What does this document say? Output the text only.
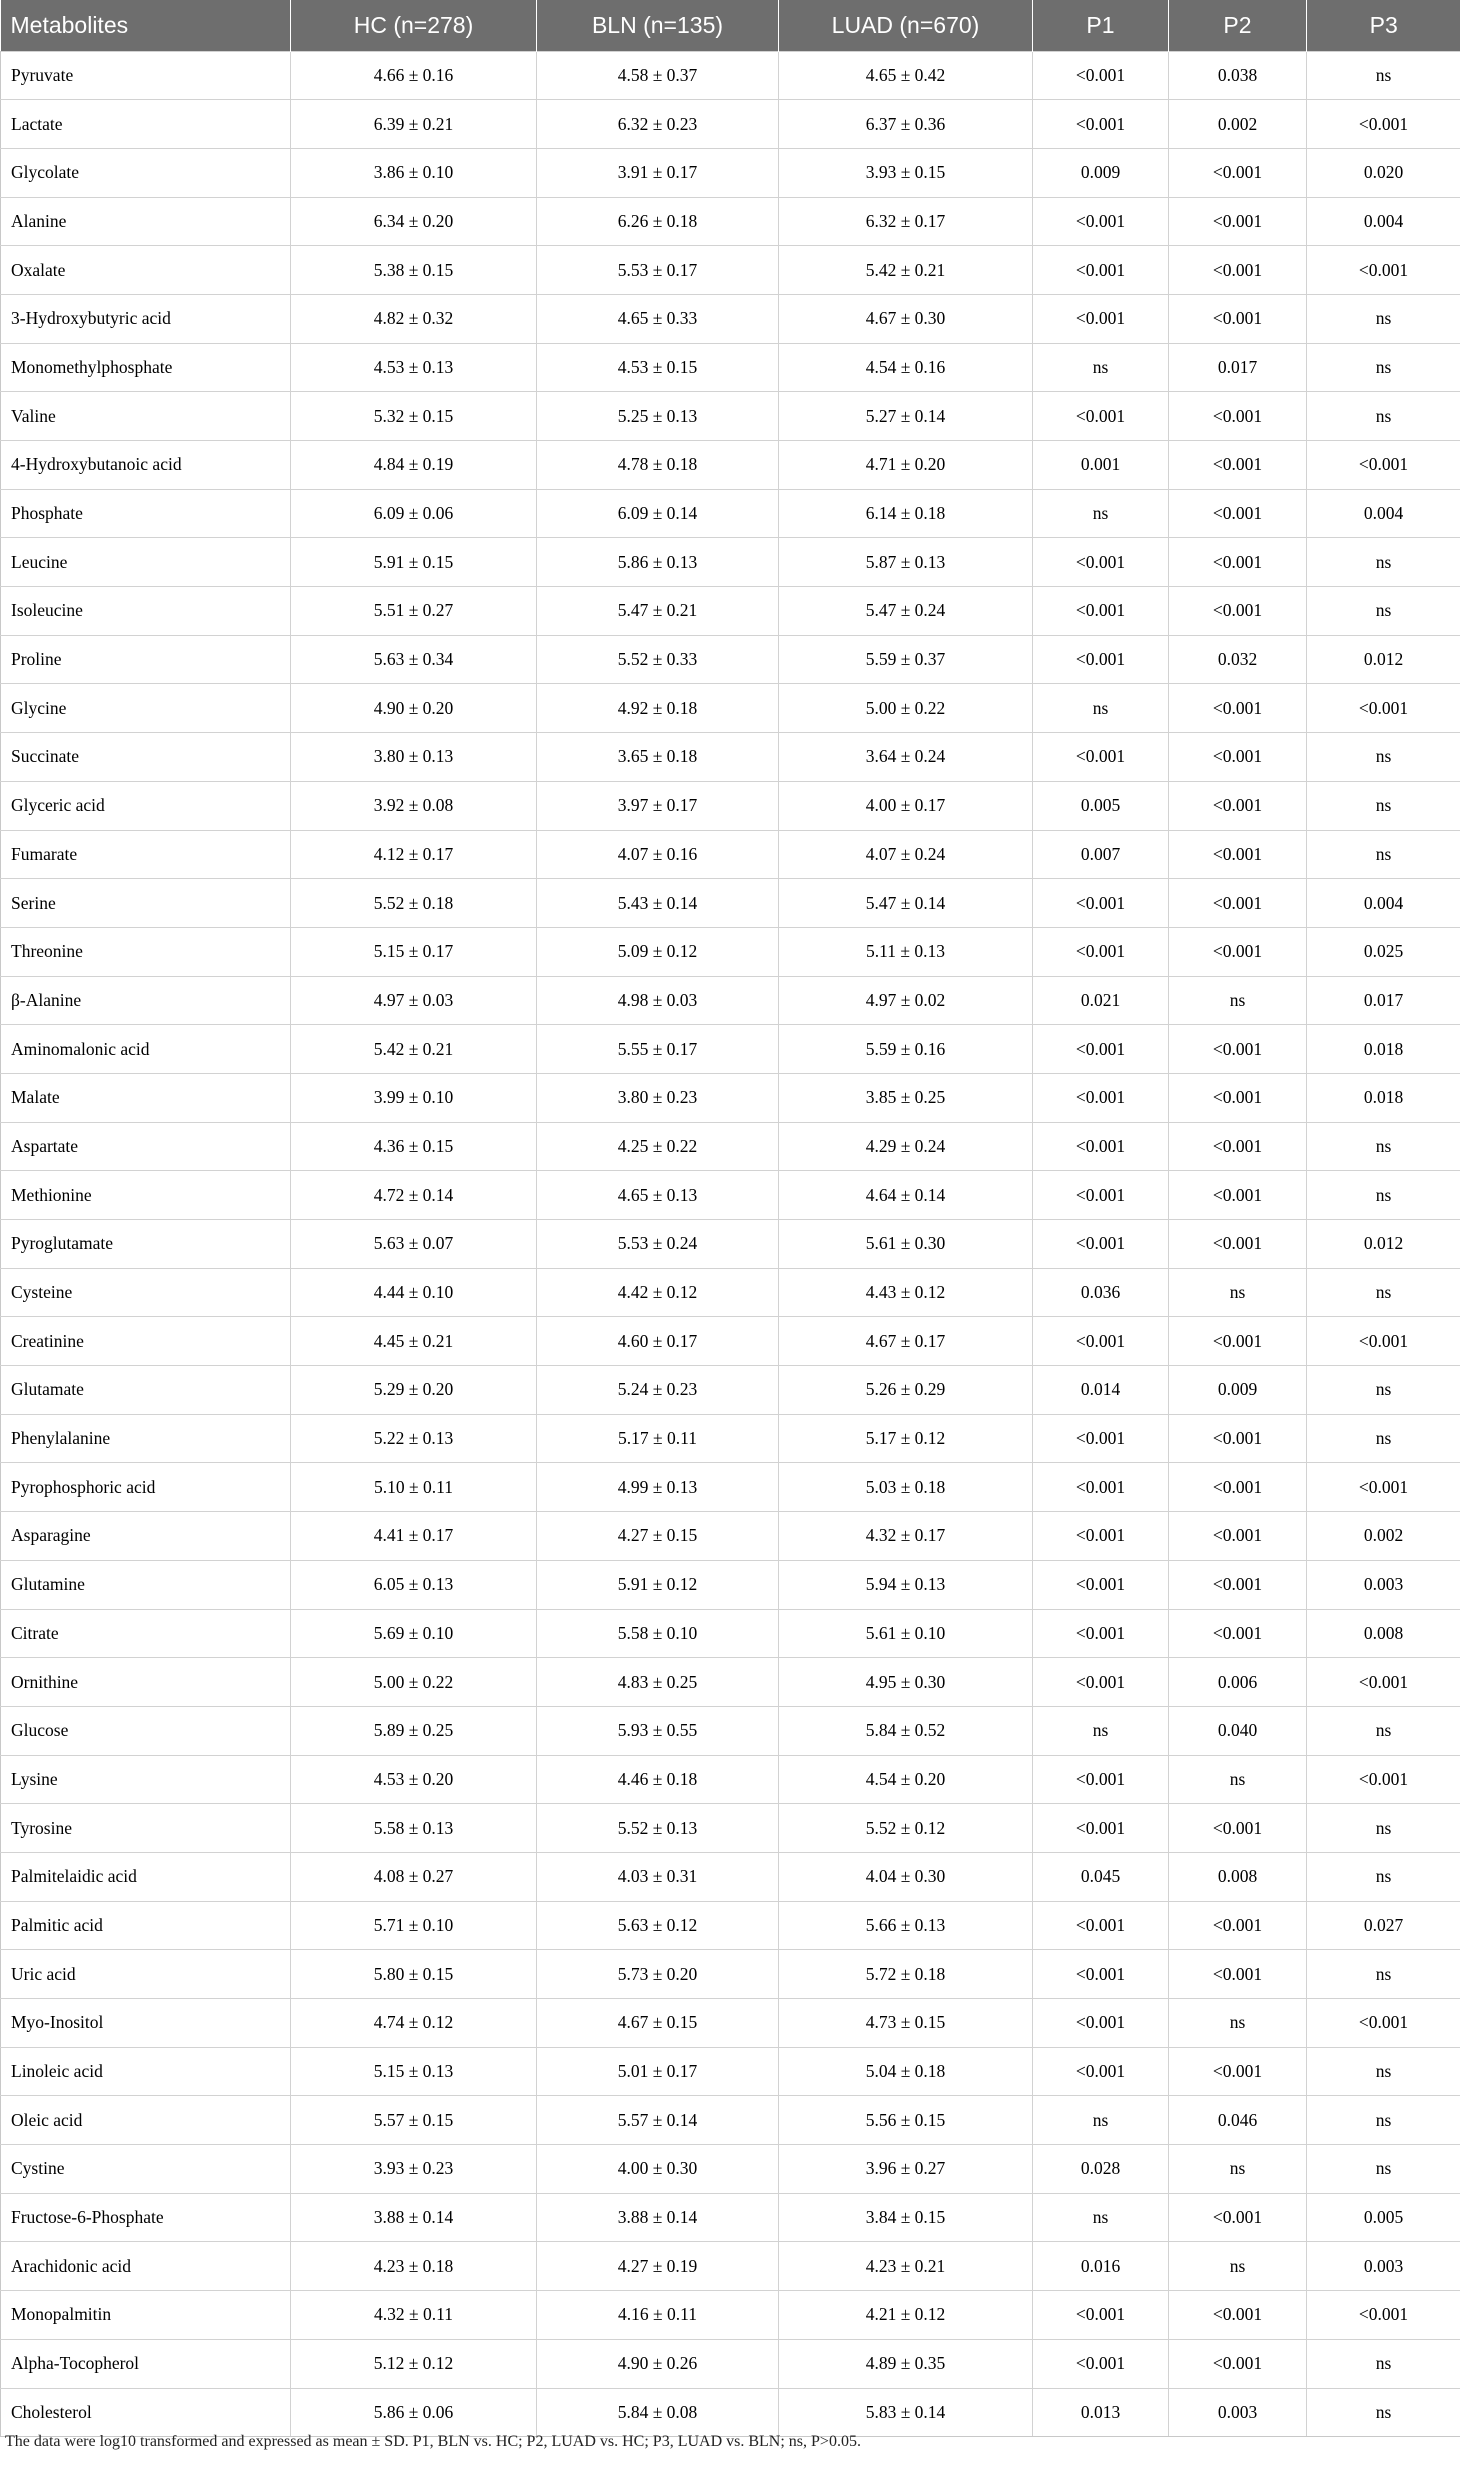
Metabolites	HC (n=278)	BLN (n=135)	LUAD (n=670)	P1	P2	P3
Pyruvate	4.66 ± 0.16	4.58 ± 0.37	4.65 ± 0.42	<0.001	0.038	ns
Lactate	6.39 ± 0.21	6.32 ± 0.23	6.37 ± 0.36	<0.001	0.002	<0.001
Glycolate	3.86 ± 0.10	3.91 ± 0.17	3.93 ± 0.15	0.009	<0.001	0.020
Alanine	6.34 ± 0.20	6.26 ± 0.18	6.32 ± 0.17	<0.001	<0.001	0.004
Oxalate	5.38 ± 0.15	5.53 ± 0.17	5.42 ± 0.21	<0.001	<0.001	<0.001
3-Hydroxybutyric acid	4.82 ± 0.32	4.65 ± 0.33	4.67 ± 0.30	<0.001	<0.001	ns
Monomethylphosphate	4.53 ± 0.13	4.53 ± 0.15	4.54 ± 0.16	ns	0.017	ns
Valine	5.32 ± 0.15	5.25 ± 0.13	5.27 ± 0.14	<0.001	<0.001	ns
4-Hydroxybutanoic acid	4.84 ± 0.19	4.78 ± 0.18	4.71 ± 0.20	0.001	<0.001	<0.001
Phosphate	6.09 ± 0.06	6.09 ± 0.14	6.14 ± 0.18	ns	<0.001	0.004
Leucine	5.91 ± 0.15	5.86 ± 0.13	5.87 ± 0.13	<0.001	<0.001	ns
Isoleucine	5.51 ± 0.27	5.47 ± 0.21	5.47 ± 0.24	<0.001	<0.001	ns
Proline	5.63 ± 0.34	5.52 ± 0.33	5.59 ± 0.37	<0.001	0.032	0.012
Glycine	4.90 ± 0.20	4.92 ± 0.18	5.00 ± 0.22	ns	<0.001	<0.001
Succinate	3.80 ± 0.13	3.65 ± 0.18	3.64 ± 0.24	<0.001	<0.001	ns
Glyceric acid	3.92 ± 0.08	3.97 ± 0.17	4.00 ± 0.17	0.005	<0.001	ns
Fumarate	4.12 ± 0.17	4.07 ± 0.16	4.07 ± 0.24	0.007	<0.001	ns
Serine	5.52 ± 0.18	5.43 ± 0.14	5.47 ± 0.14	<0.001	<0.001	0.004
Threonine	5.15 ± 0.17	5.09 ± 0.12	5.11 ± 0.13	<0.001	<0.001	0.025
β-Alanine	4.97 ± 0.03	4.98 ± 0.03	4.97 ± 0.02	0.021	ns	0.017
Aminomalonic acid	5.42 ± 0.21	5.55 ± 0.17	5.59 ± 0.16	<0.001	<0.001	0.018
Malate	3.99 ± 0.10	3.80 ± 0.23	3.85 ± 0.25	<0.001	<0.001	0.018
Aspartate	4.36 ± 0.15	4.25 ± 0.22	4.29 ± 0.24	<0.001	<0.001	ns
Methionine	4.72 ± 0.14	4.65 ± 0.13	4.64 ± 0.14	<0.001	<0.001	ns
Pyroglutamate	5.63 ± 0.07	5.53 ± 0.24	5.61 ± 0.30	<0.001	<0.001	0.012
Cysteine	4.44 ± 0.10	4.42 ± 0.12	4.43 ± 0.12	0.036	ns	ns
Creatinine	4.45 ± 0.21	4.60 ± 0.17	4.67 ± 0.17	<0.001	<0.001	<0.001
Glutamate	5.29 ± 0.20	5.24 ± 0.23	5.26 ± 0.29	0.014	0.009	ns
Phenylalanine	5.22 ± 0.13	5.17 ± 0.11	5.17 ± 0.12	<0.001	<0.001	ns
Pyrophosphoric acid	5.10 ± 0.11	4.99 ± 0.13	5.03 ± 0.18	<0.001	<0.001	<0.001
Asparagine	4.41 ± 0.17	4.27 ± 0.15	4.32 ± 0.17	<0.001	<0.001	0.002
Glutamine	6.05 ± 0.13	5.91 ± 0.12	5.94 ± 0.13	<0.001	<0.001	0.003
Citrate	5.69 ± 0.10	5.58 ± 0.10	5.61 ± 0.10	<0.001	<0.001	0.008
Ornithine	5.00 ± 0.22	4.83 ± 0.25	4.95 ± 0.30	<0.001	0.006	<0.001
Glucose	5.89 ± 0.25	5.93 ± 0.55	5.84 ± 0.52	ns	0.040	ns
Lysine	4.53 ± 0.20	4.46 ± 0.18	4.54 ± 0.20	<0.001	ns	<0.001
Tyrosine	5.58 ± 0.13	5.52 ± 0.13	5.52 ± 0.12	<0.001	<0.001	ns
Palmitelaidic acid	4.08 ± 0.27	4.03 ± 0.31	4.04 ± 0.30	0.045	0.008	ns
Palmitic acid	5.71 ± 0.10	5.63 ± 0.12	5.66 ± 0.13	<0.001	<0.001	0.027
Uric acid	5.80 ± 0.15	5.73 ± 0.20	5.72 ± 0.18	<0.001	<0.001	ns
Myo-Inositol	4.74 ± 0.12	4.67 ± 0.15	4.73 ± 0.15	<0.001	ns	<0.001
Linoleic acid	5.15 ± 0.13	5.01 ± 0.17	5.04 ± 0.18	<0.001	<0.001	ns
Oleic acid	5.57 ± 0.15	5.57 ± 0.14	5.56 ± 0.15	ns	0.046	ns
Cystine	3.93 ± 0.23	4.00 ± 0.30	3.96 ± 0.27	0.028	ns	ns
Fructose-6-Phosphate	3.88 ± 0.14	3.88 ± 0.14	3.84 ± 0.15	ns	<0.001	0.005
Arachidonic acid	4.23 ± 0.18	4.27 ± 0.19	4.23 ± 0.21	0.016	ns	0.003
Monopalmitin	4.32 ± 0.11	4.16 ± 0.11	4.21 ± 0.12	<0.001	<0.001	<0.001
Alpha-Tocopherol	5.12 ± 0.12	4.90 ± 0.26	4.89 ± 0.35	<0.001	<0.001	ns
Cholesterol	5.86 ± 0.06	5.84 ± 0.08	5.83 ± 0.14	0.013	0.003	ns
The data were log10 transformed and expressed as mean ± SD. P1, BLN vs. HC; P2, LUAD vs. HC; P3, LUAD vs. BLN; ns, P>0.05.
